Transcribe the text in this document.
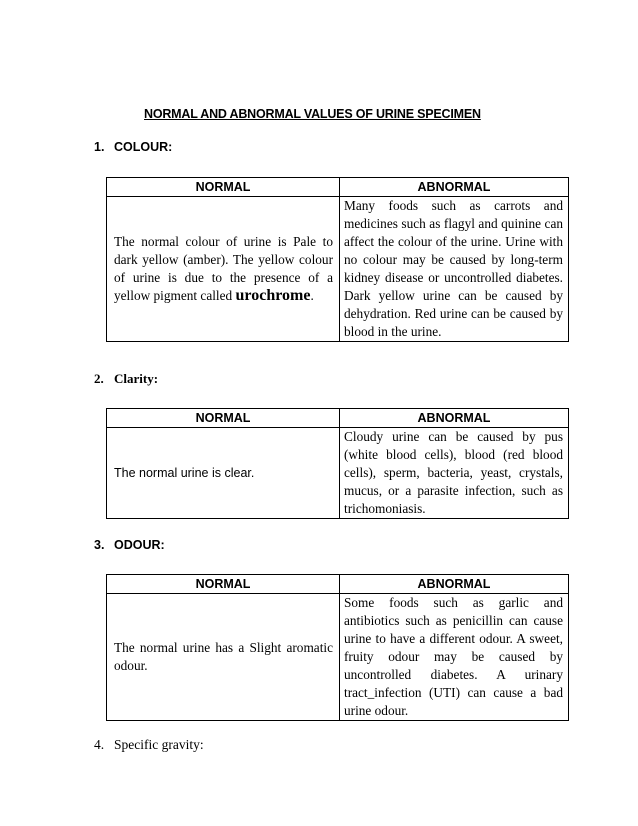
NORMAL AND ABNORMAL VALUES OF URINE SPECIMEN
1. COLOUR:
NORMAL	ABNORMAL

The normal colour of urine is Pale to dark yellow (amber). The yellow colour of urine is due to the presence of a yellow pigment called urochrome.	Many foods such as carrots and medicines such as flagyl and quinine can affect the colour of the urine. Urine with no colour may be caused by long-term kidney disease or uncontrolled diabetes. Dark yellow urine can be caused by dehydration. Red urine can be caused by blood in the urine.
2. Clarity:
NORMAL	ABNORMAL

The normal urine is clear.	Cloudy urine can be caused by pus (white blood cells), blood (red blood cells), sperm, bacteria, yeast, crystals, mucus, or a parasite infection, such as trichomoniasis.
3. ODOUR:
NORMAL	ABNORMAL

The normal urine has a Slight aromatic odour.	Some foods such as garlic and antibiotics such as penicillin can cause urine to have a different odour. A sweet, fruity odour may be caused by uncontrolled diabetes. A urinary tract_infection (UTI) can cause a bad urine odour.
4. Specific gravity:
